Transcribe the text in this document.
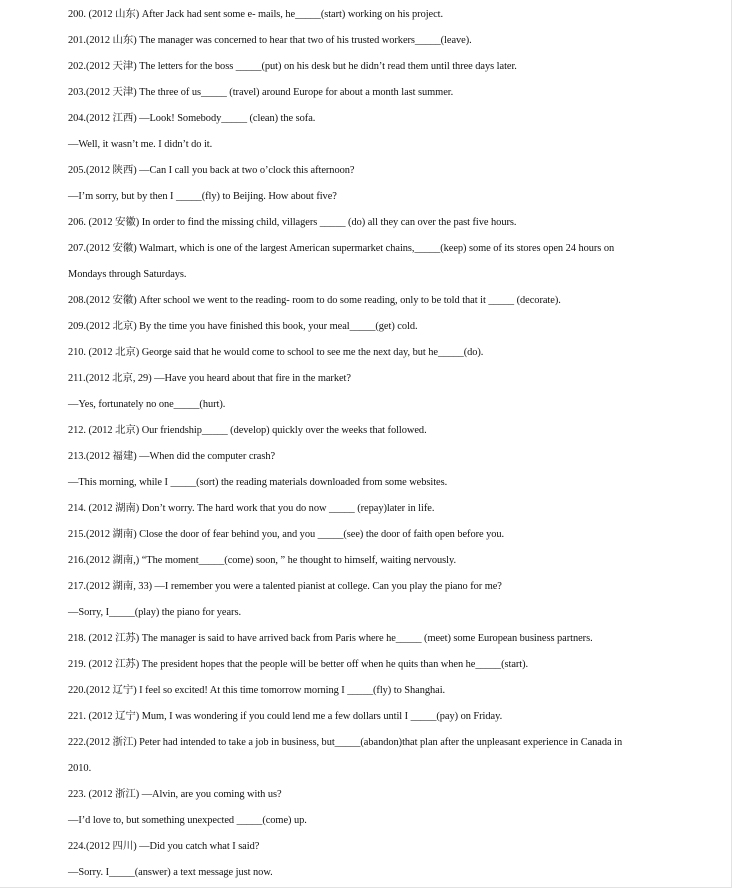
200. (2012 山东) After Jack had sent some e- mails, he_____(start) working on his project.
201.(2012 山东) The manager was concerned to hear that two of his trusted workers_____(leave).
202.(2012 天津) The letters for the boss _____(put) on his desk but he didn’t read them until three days later.
203.(2012 天津) The three of us_____ (travel) around Europe for about a month last summer.
204.(2012 江西) —Look! Somebody_____ (clean) the sofa.
—Well, it wasn’t me. I didn’t do it.
205.(2012 陕西) —Can I call you back at two o’clock this afternoon?
—I’m sorry, but by then I _____(fly) to Beijing. How about five?
206. (2012 安徽) In order to find the missing child, villagers _____ (do) all they can over the past five hours.
207.(2012 安徽) Walmart, which is one of the largest American supermarket chains,_____(keep) some of its stores open 24 hours on
Mondays through Saturdays.
208.(2012 安徽) After school we went to the reading- room to do some reading, only to be told that it _____ (decorate).
209.(2012 北京) By the time you have finished this book, your meal_____(get) cold.
210. (2012 北京) George said that he would come to school to see me the next day, but he_____(do).
211.(2012 北京, 29) —Have you heard about that fire in the market?
—Yes, fortunately no one_____(hurt).
212. (2012 北京) Our friendship_____ (develop) quickly over the weeks that followed.
213.(2012 福建) —When did the computer crash?
—This morning, while I _____(sort) the reading materials downloaded from some websites.
214. (2012 湖南) Don’t worry. The hard work that you do now _____ (repay)later in life.
215.(2012 湖南) Close the door of fear behind you, and you _____(see) the door of faith open before you.
216.(2012 湖南,) “The moment_____(come) soon, ” he thought to himself, waiting nervously.
217.(2012 湖南, 33) —I remember you were a talented pianist at college. Can you play the piano for me?
—Sorry, I_____(play) the piano for years.
218. (2012 江苏) The manager is said to have arrived back from Paris where he_____ (meet) some European business partners.
219. (2012 江苏) The president hopes that the people will be better off when he quits than when he_____(start).
220.(2012 辽宁) I feel so excited! At this time tomorrow morning I _____(fly) to Shanghai.
221. (2012 辽宁) Mum, I was wondering if you could lend me a few dollars until I _____(pay) on Friday.
222.(2012 浙江) Peter had intended to take a job in business, but_____(abandon)that plan after the unpleasant experience in Canada in
2010.
223. (2012 浙江) —Alvin, are you coming with us?
—I’d love to, but something unexpected _____(come) up.
224.(2012 四川) —Did you catch what I said?
—Sorry. I_____(answer) a text message just now.
